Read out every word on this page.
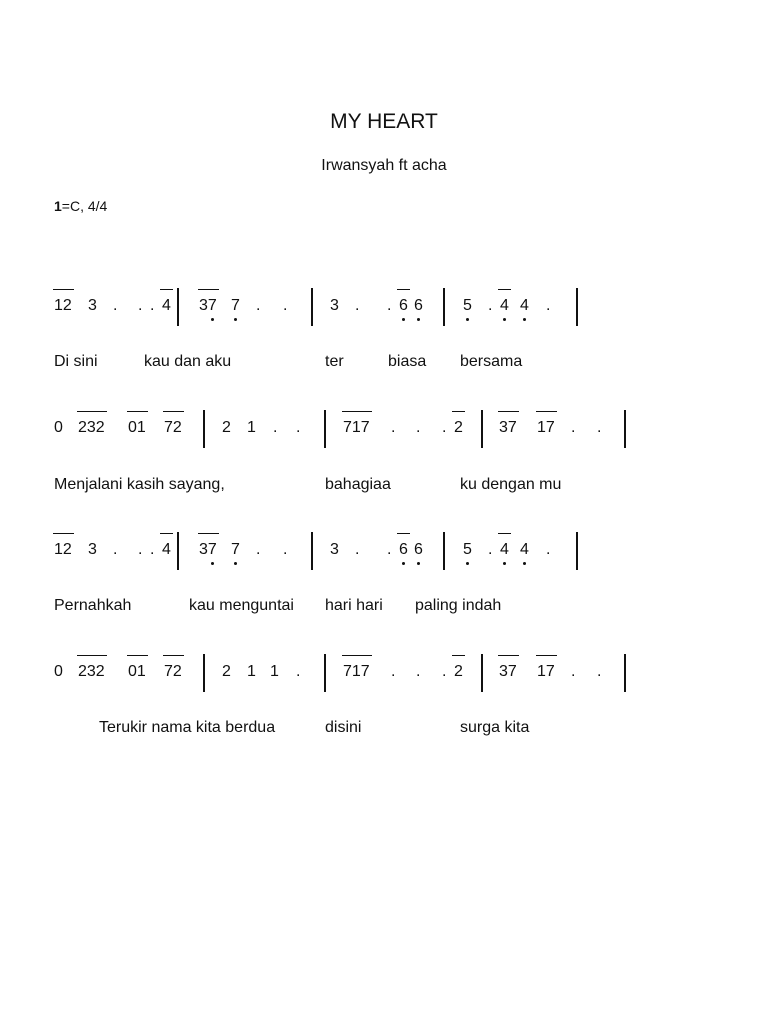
MY HEART
Irwansyah ft acha
1=C, 4/4
12 3 . . . 4 37 7 . .	3 . . 6 6	5 . 4 4 .
Di sini	kau dan aku	ter	biasa bersama
0 232 01 72	2 1 . .	717 . . . 2 37 17 . .
Menjalani kasih sayang,	bahagiaa	ku dengan mu
12 3 . . . 4 37 7 . .	3 . . 6 6	5 . 4 4 .
Pernahkah	kau menguntai hari hari paling indah
0 232 01 72	2 1 1 .	717 . . . 2 37 17 . .
Terukir nama kita berdua	disini	surga kita
